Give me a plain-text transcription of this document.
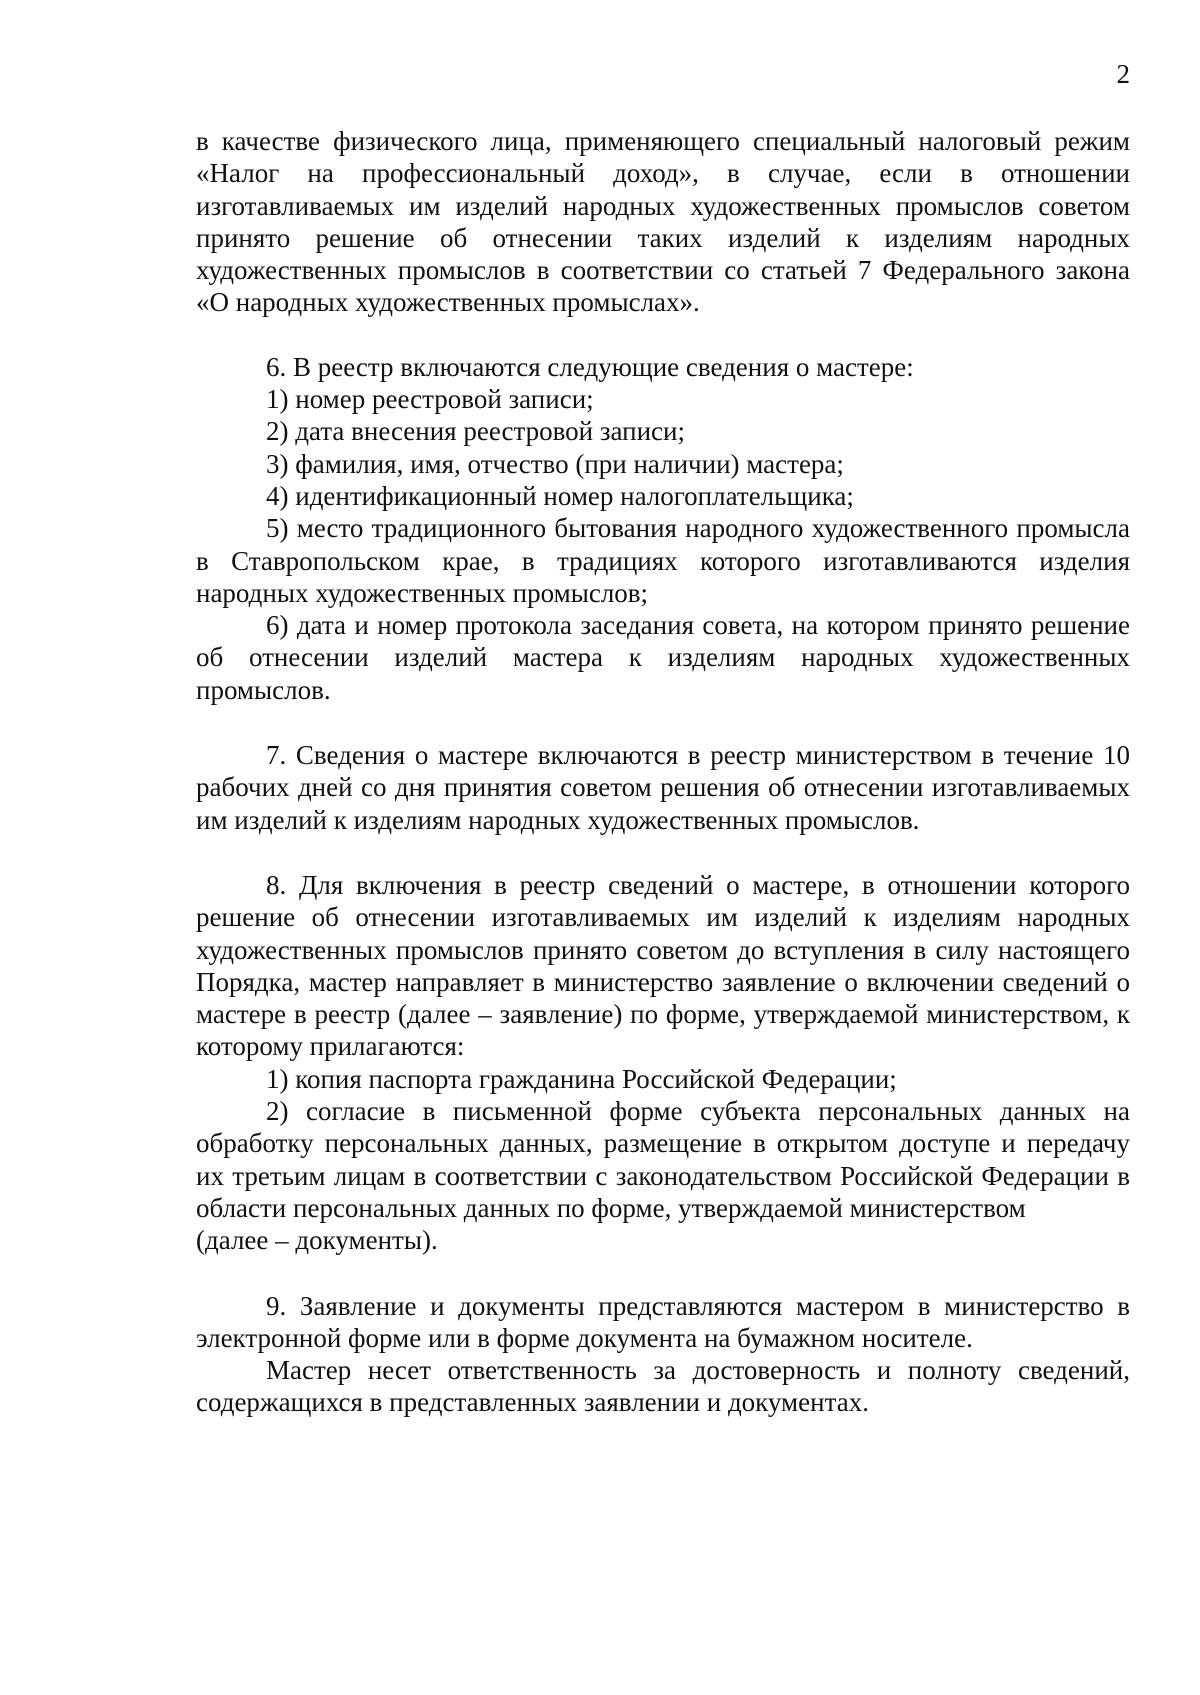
2

в качестве физического лица, применяющего специальный налоговый режим «Налог на профессиональный доход», в случае, если в отношении изготавливаемых им изделий народных художественных промыслов советом принято решение об отнесении таких изделий к изделиям народных художественных промыслов в соответствии со статьей 7 Федерального закона «О народных художественных промыслах».

6. В реестр включаются следующие сведения о мастере:

1) номер реестровой записи;

2) дата внесения реестровой записи;

3) фамилия, имя, отчество (при наличии) мастера;

4) идентификационный номер налогоплательщика;

5) место традиционного бытования народного художественного промысла в Ставропольском крае, в традициях которого изготавливаются изделия народных художественных промыслов;

6) дата и номер протокола заседания совета, на котором принято решение об отнесении изделий мастера к изделиям народных художественных промыслов.

7. Сведения о мастере включаются в реестр министерством в течение 10 рабочих дней со дня принятия советом решения об отнесении изготавливаемых им изделий к изделиям народных художественных промыслов.

8. Для включения в реестр сведений о мастере, в отношении которого решение об отнесении изготавливаемых им изделий к изделиям народных художественных промыслов принято советом до вступления в силу настоящего Порядка, мастер направляет в министерство заявление о включении сведений о мастере в реестр (далее – заявление) по форме, утверждаемой министерством, к которому прилагаются:

1) копия паспорта гражданина Российской Федерации;

2) согласие в письменной форме субъекта персональных данных на обработку персональных данных, размещение в открытом доступе и передачу их третьим лицам в соответствии с законодательством Российской Федерации в области персональных данных по форме, утверждаемой министерством

(далее – документы).

9. Заявление и документы представляются мастером в министерство в электронной форме или в форме документа на бумажном носителе.

Мастер несет ответственность за достоверность и полноту сведений, содержащихся в представленных заявлении и документах.
